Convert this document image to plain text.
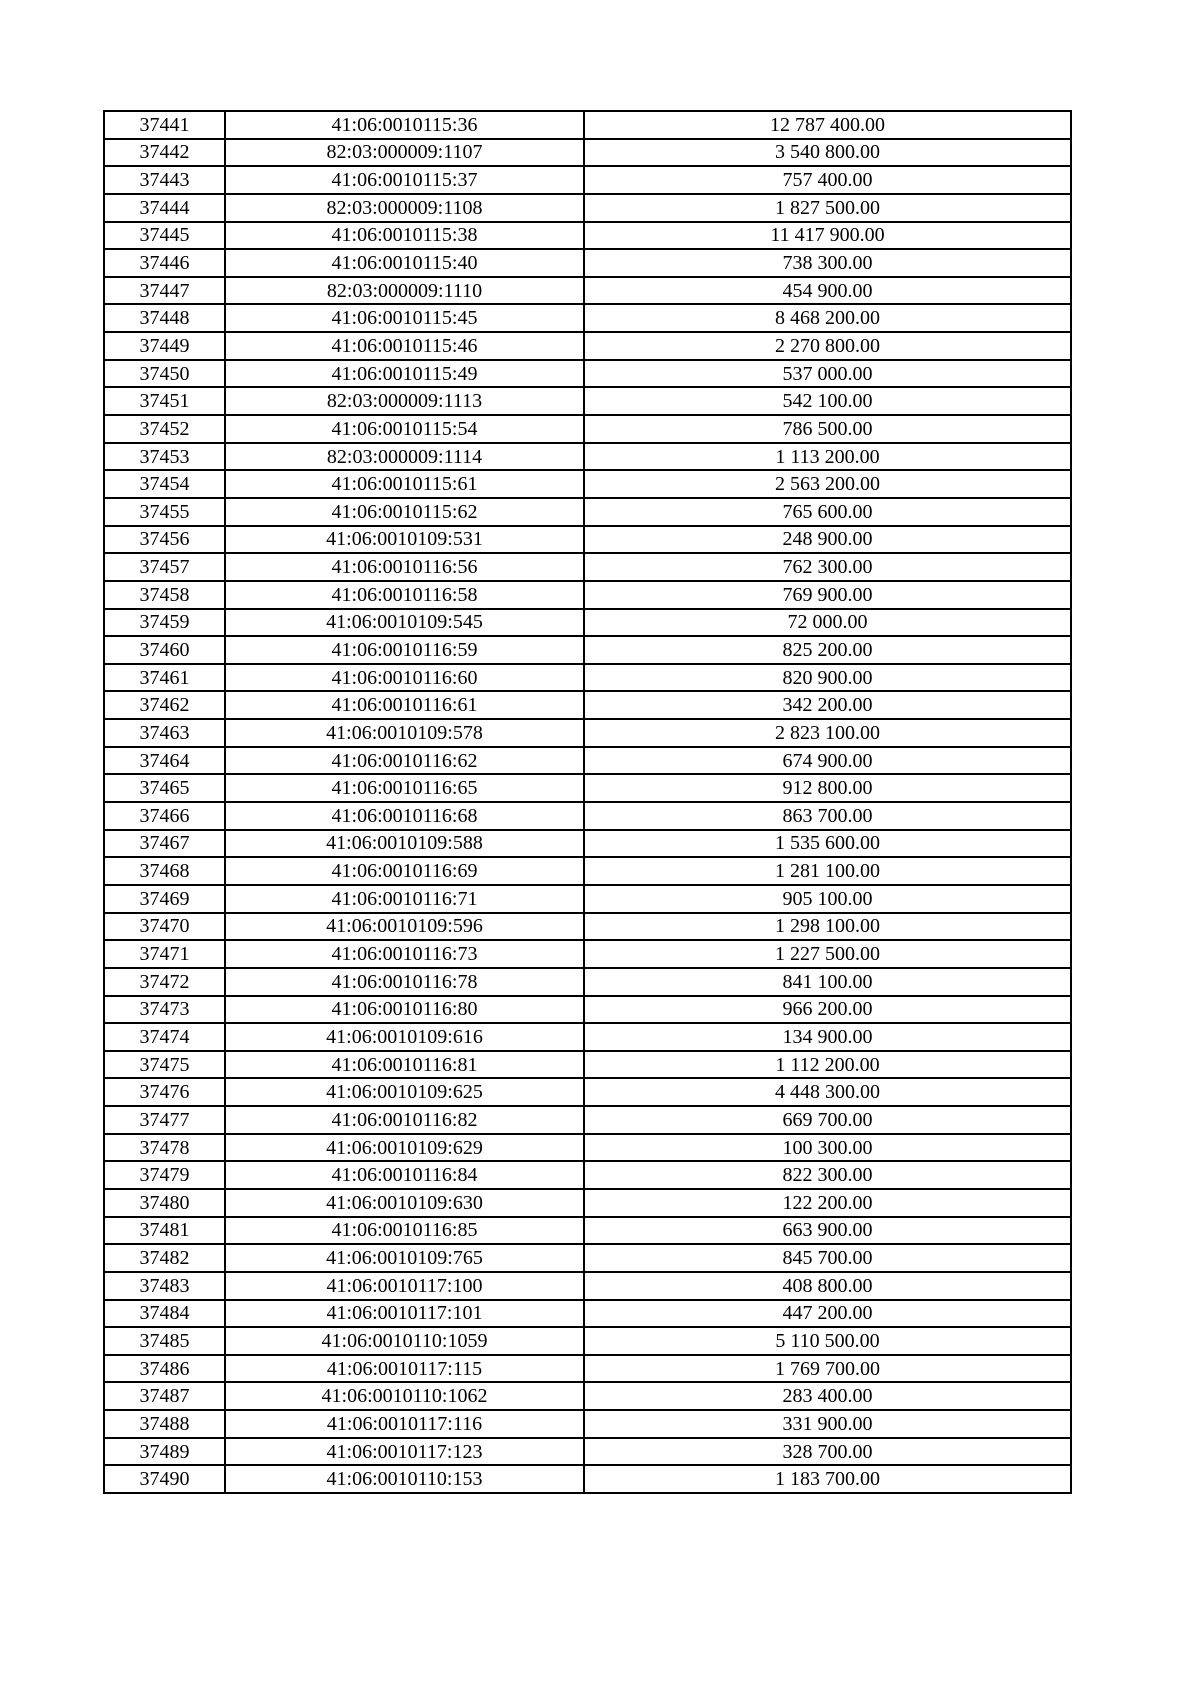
37441	41:06:0010115:36	12 787 400.00
37442	82:03:000009:1107	3 540 800.00
37443	41:06:0010115:37	757 400.00
37444	82:03:000009:1108	1 827 500.00
37445	41:06:0010115:38	11 417 900.00
37446	41:06:0010115:40	738 300.00
37447	82:03:000009:1110	454 900.00
37448	41:06:0010115:45	8 468 200.00
37449	41:06:0010115:46	2 270 800.00
37450	41:06:0010115:49	537 000.00
37451	82:03:000009:1113	542 100.00
37452	41:06:0010115:54	786 500.00
37453	82:03:000009:1114	1 113 200.00
37454	41:06:0010115:61	2 563 200.00
37455	41:06:0010115:62	765 600.00
37456	41:06:0010109:531	248 900.00
37457	41:06:0010116:56	762 300.00
37458	41:06:0010116:58	769 900.00
37459	41:06:0010109:545	72 000.00
37460	41:06:0010116:59	825 200.00
37461	41:06:0010116:60	820 900.00
37462	41:06:0010116:61	342 200.00
37463	41:06:0010109:578	2 823 100.00
37464	41:06:0010116:62	674 900.00
37465	41:06:0010116:65	912 800.00
37466	41:06:0010116:68	863 700.00
37467	41:06:0010109:588	1 535 600.00
37468	41:06:0010116:69	1 281 100.00
37469	41:06:0010116:71	905 100.00
37470	41:06:0010109:596	1 298 100.00
37471	41:06:0010116:73	1 227 500.00
37472	41:06:0010116:78	841 100.00
37473	41:06:0010116:80	966 200.00
37474	41:06:0010109:616	134 900.00
37475	41:06:0010116:81	1 112 200.00
37476	41:06:0010109:625	4 448 300.00
37477	41:06:0010116:82	669 700.00
37478	41:06:0010109:629	100 300.00
37479	41:06:0010116:84	822 300.00
37480	41:06:0010109:630	122 200.00
37481	41:06:0010116:85	663 900.00
37482	41:06:0010109:765	845 700.00
37483	41:06:0010117:100	408 800.00
37484	41:06:0010117:101	447 200.00
37485	41:06:0010110:1059	5 110 500.00
37486	41:06:0010117:115	1 769 700.00
37487	41:06:0010110:1062	283 400.00
37488	41:06:0010117:116	331 900.00
37489	41:06:0010117:123	328 700.00
37490	41:06:0010110:153	1 183 700.00
